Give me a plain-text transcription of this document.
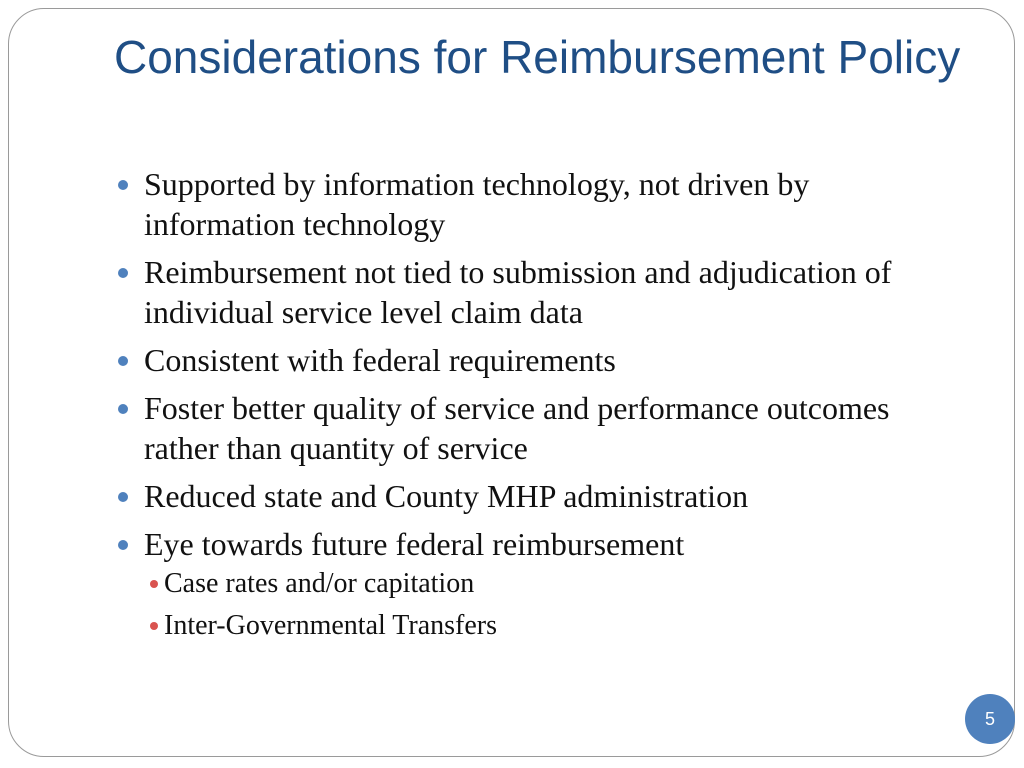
Considerations for Reimbursement Policy
Supported by information technology, not driven by information technology
Reimbursement not tied to submission and adjudication of individual service level claim data
Consistent with federal requirements
Foster better quality of service and performance outcomes rather than quantity of service
Reduced state and County MHP administration
Eye towards future federal reimbursement
Case rates and/or capitation
Inter-Governmental Transfers
5
